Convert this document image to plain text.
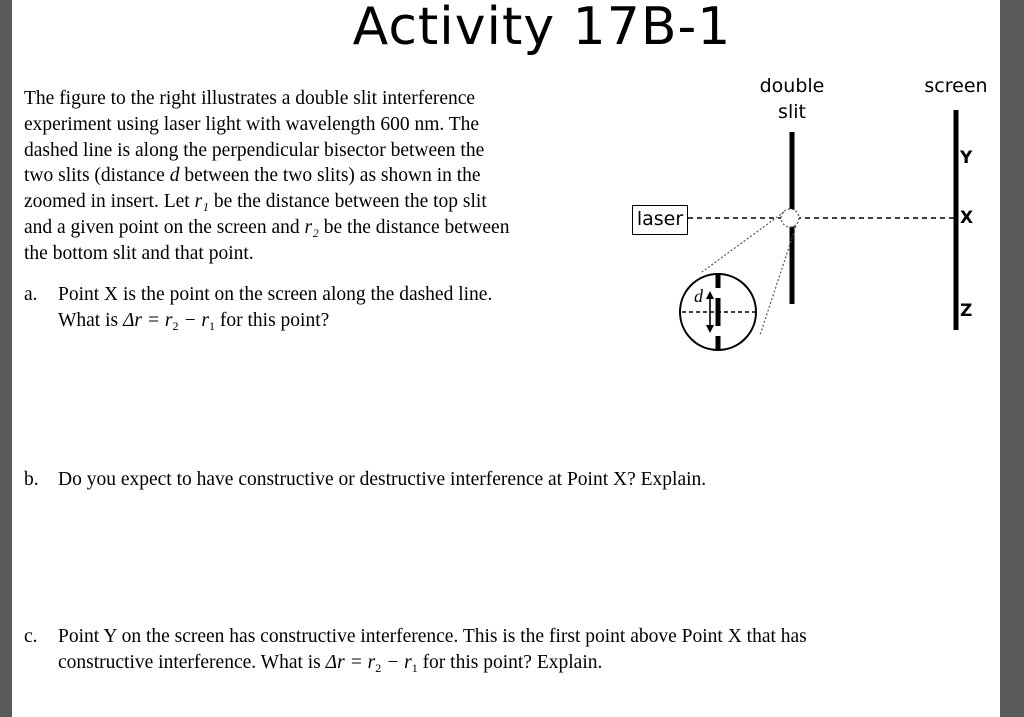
Activity 17B-1
The figure to the right illustrates a double slit interference
experiment using laser light with wavelength 600 nm. The
dashed line is along the perpendicular bisector between the
two slits (distance d between the two slits) as shown in the
zoomed in insert. Let r₁ be the distance between the top slit
and a given point on the screen and r₂ be the distance between
the bottom slit and that point.
double
slit
screen
laser
Y
X
Z
d
a. Point X is the point on the screen along the dashed line.
What is $\Delta r = r_2 - r_1$ for this point?
b. Do you expect to have constructive or destructive interference at Point X? Explain.
c. Point Y on the screen has constructive interference. This is the first point above Point X that has
constructive interference. What is $\Delta r = r_2 - r_1$ for this point? Explain.
